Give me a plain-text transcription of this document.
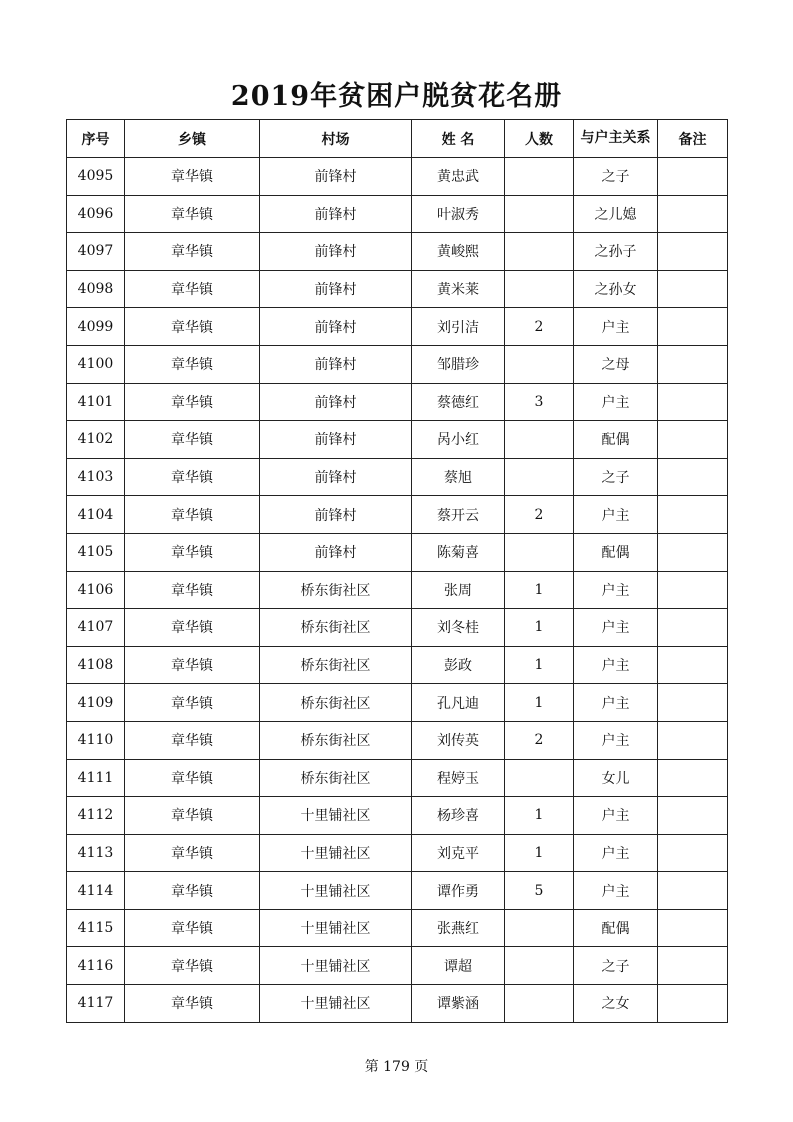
2019年贫困户脱贫花名册
序号	乡镇	村场	姓 名	人数	与户主关系	备注
4095	章华镇	前锋村	黄忠武		之子	
4096	章华镇	前锋村	叶淑秀		之儿媳	
4097	章华镇	前锋村	黄峻熙		之孙子	
4098	章华镇	前锋村	黄米莱		之孙女	
4099	章华镇	前锋村	刘引洁	2	户主	
4100	章华镇	前锋村	邹腊珍		之母	
4101	章华镇	前锋村	蔡德红	3	户主	
4102	章华镇	前锋村	呙小红		配偶	
4103	章华镇	前锋村	蔡旭		之子	
4104	章华镇	前锋村	蔡开云	2	户主	
4105	章华镇	前锋村	陈菊喜		配偶	
4106	章华镇	桥东街社区	张周	1	户主	
4107	章华镇	桥东街社区	刘冬桂	1	户主	
4108	章华镇	桥东街社区	彭政	1	户主	
4109	章华镇	桥东街社区	孔凡迪	1	户主	
4110	章华镇	桥东街社区	刘传英	2	户主	
4111	章华镇	桥东街社区	程婷玉		女儿	
4112	章华镇	十里铺社区	杨珍喜	1	户主	
4113	章华镇	十里铺社区	刘克平	1	户主	
4114	章华镇	十里铺社区	谭作勇	5	户主	
4115	章华镇	十里铺社区	张燕红		配偶	
4116	章华镇	十里铺社区	谭超		之子	
4117	章华镇	十里铺社区	谭紫涵		之女	
第 179 页
